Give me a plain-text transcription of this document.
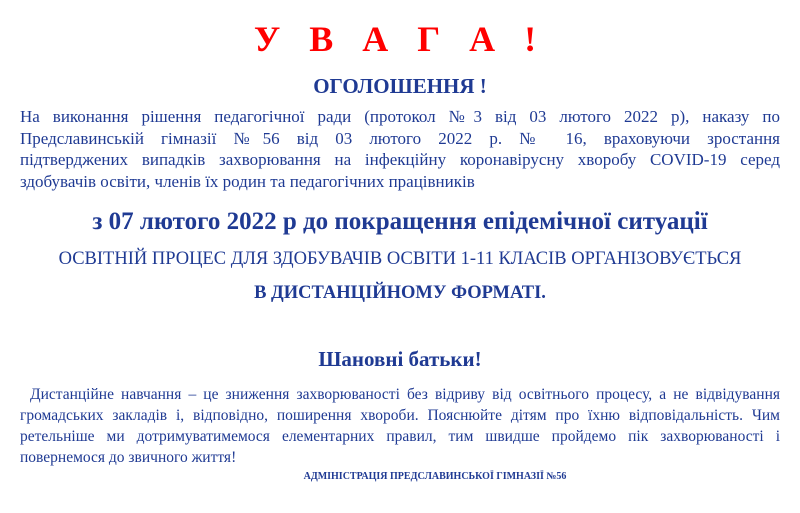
У В А Г А !
ОГОЛОШЕННЯ !
На виконання рішення педагогічної ради (протокол №3 від 03 лютого 2022 р), наказу по
Предславинській гімназії №56 від 03 лютого 2022 р. № 16, враховуючи зростання
підтверджених випадків захворювання на інфекційну коронавірусну хворобу COVID-19 серед
здобувачів освіти, членів їх родин та педагогічних працівників
з 07 лютого 2022 р до покращення епідемічної ситуації
ОСВІТНІЙ ПРОЦЕС ДЛЯ ЗДОБУВАЧІВ ОСВІТИ 1-11 КЛАСІВ ОРГАНІЗОВУЄТЬСЯ
В ДИСТАНЦІЙНОМУ ФОРМАТІ.
Шановні батьки!
Дистанційне навчання – це зниження захворюваності без відриву від освітнього процесу, а не відвідування
громадських закладів і, відповідно, поширення хвороби. Пояснюйте дітям про їхню відповідальність. Чим
ретельніше ми дотримуватимемося елементарних правил, тим швидше пройдемо пік захворюваності і
повернемося до звичного життя!
АДМІНІСТРАЦІЯ ПРЕДСЛАВИНСЬКОЇ ГІМНАЗІЇ №56
